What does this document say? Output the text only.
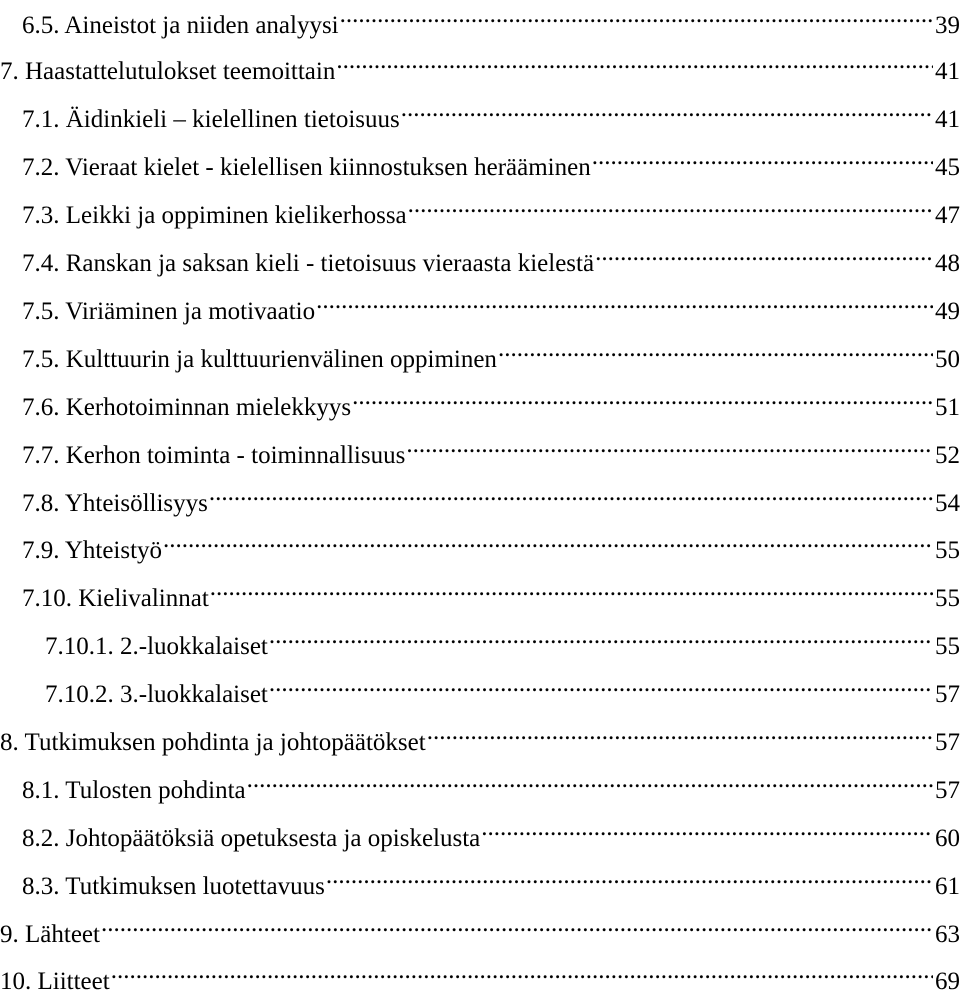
6.5. Aineistot ja niiden analyysi .....	39
7. Haastattelutulokset teemoittain .....	41
7.1. Äidinkieli – kielellinen tietoisuus .....	41
7.2. Vieraat kielet - kielellisen kiinnostuksen herääminen .....	45
7.3. Leikki ja oppiminen kielikerhossa .....	47
7.4. Ranskan ja saksan kieli - tietoisuus vieraasta kielestä .....	48
7.5. Viriäminen ja motivaatio .....	49
7.5. Kulttuurin ja kulttuurienvälinen oppiminen .....	50
7.6. Kerhotoiminnan mielekkyys .....	51
7.7. Kerhon toiminta - toiminnallisuus .....	52
7.8. Yhteisöllisyys .....	54
7.9. Yhteistyö .....	55
7.10. Kielivalinnat .....	55
7.10.1. 2.-luokkalaiset .....	55
7.10.2. 3.-luokkalaiset .....	57
8. Tutkimuksen pohdinta ja johtopäätökset .....	57
8.1. Tulosten pohdinta .....	57
8.2. Johtopäätöksiä opetuksesta ja opiskelusta .....	60
8.3. Tutkimuksen luotettavuus .....	61
9. Lähteet .....	63
10. Liitteet .....	69
